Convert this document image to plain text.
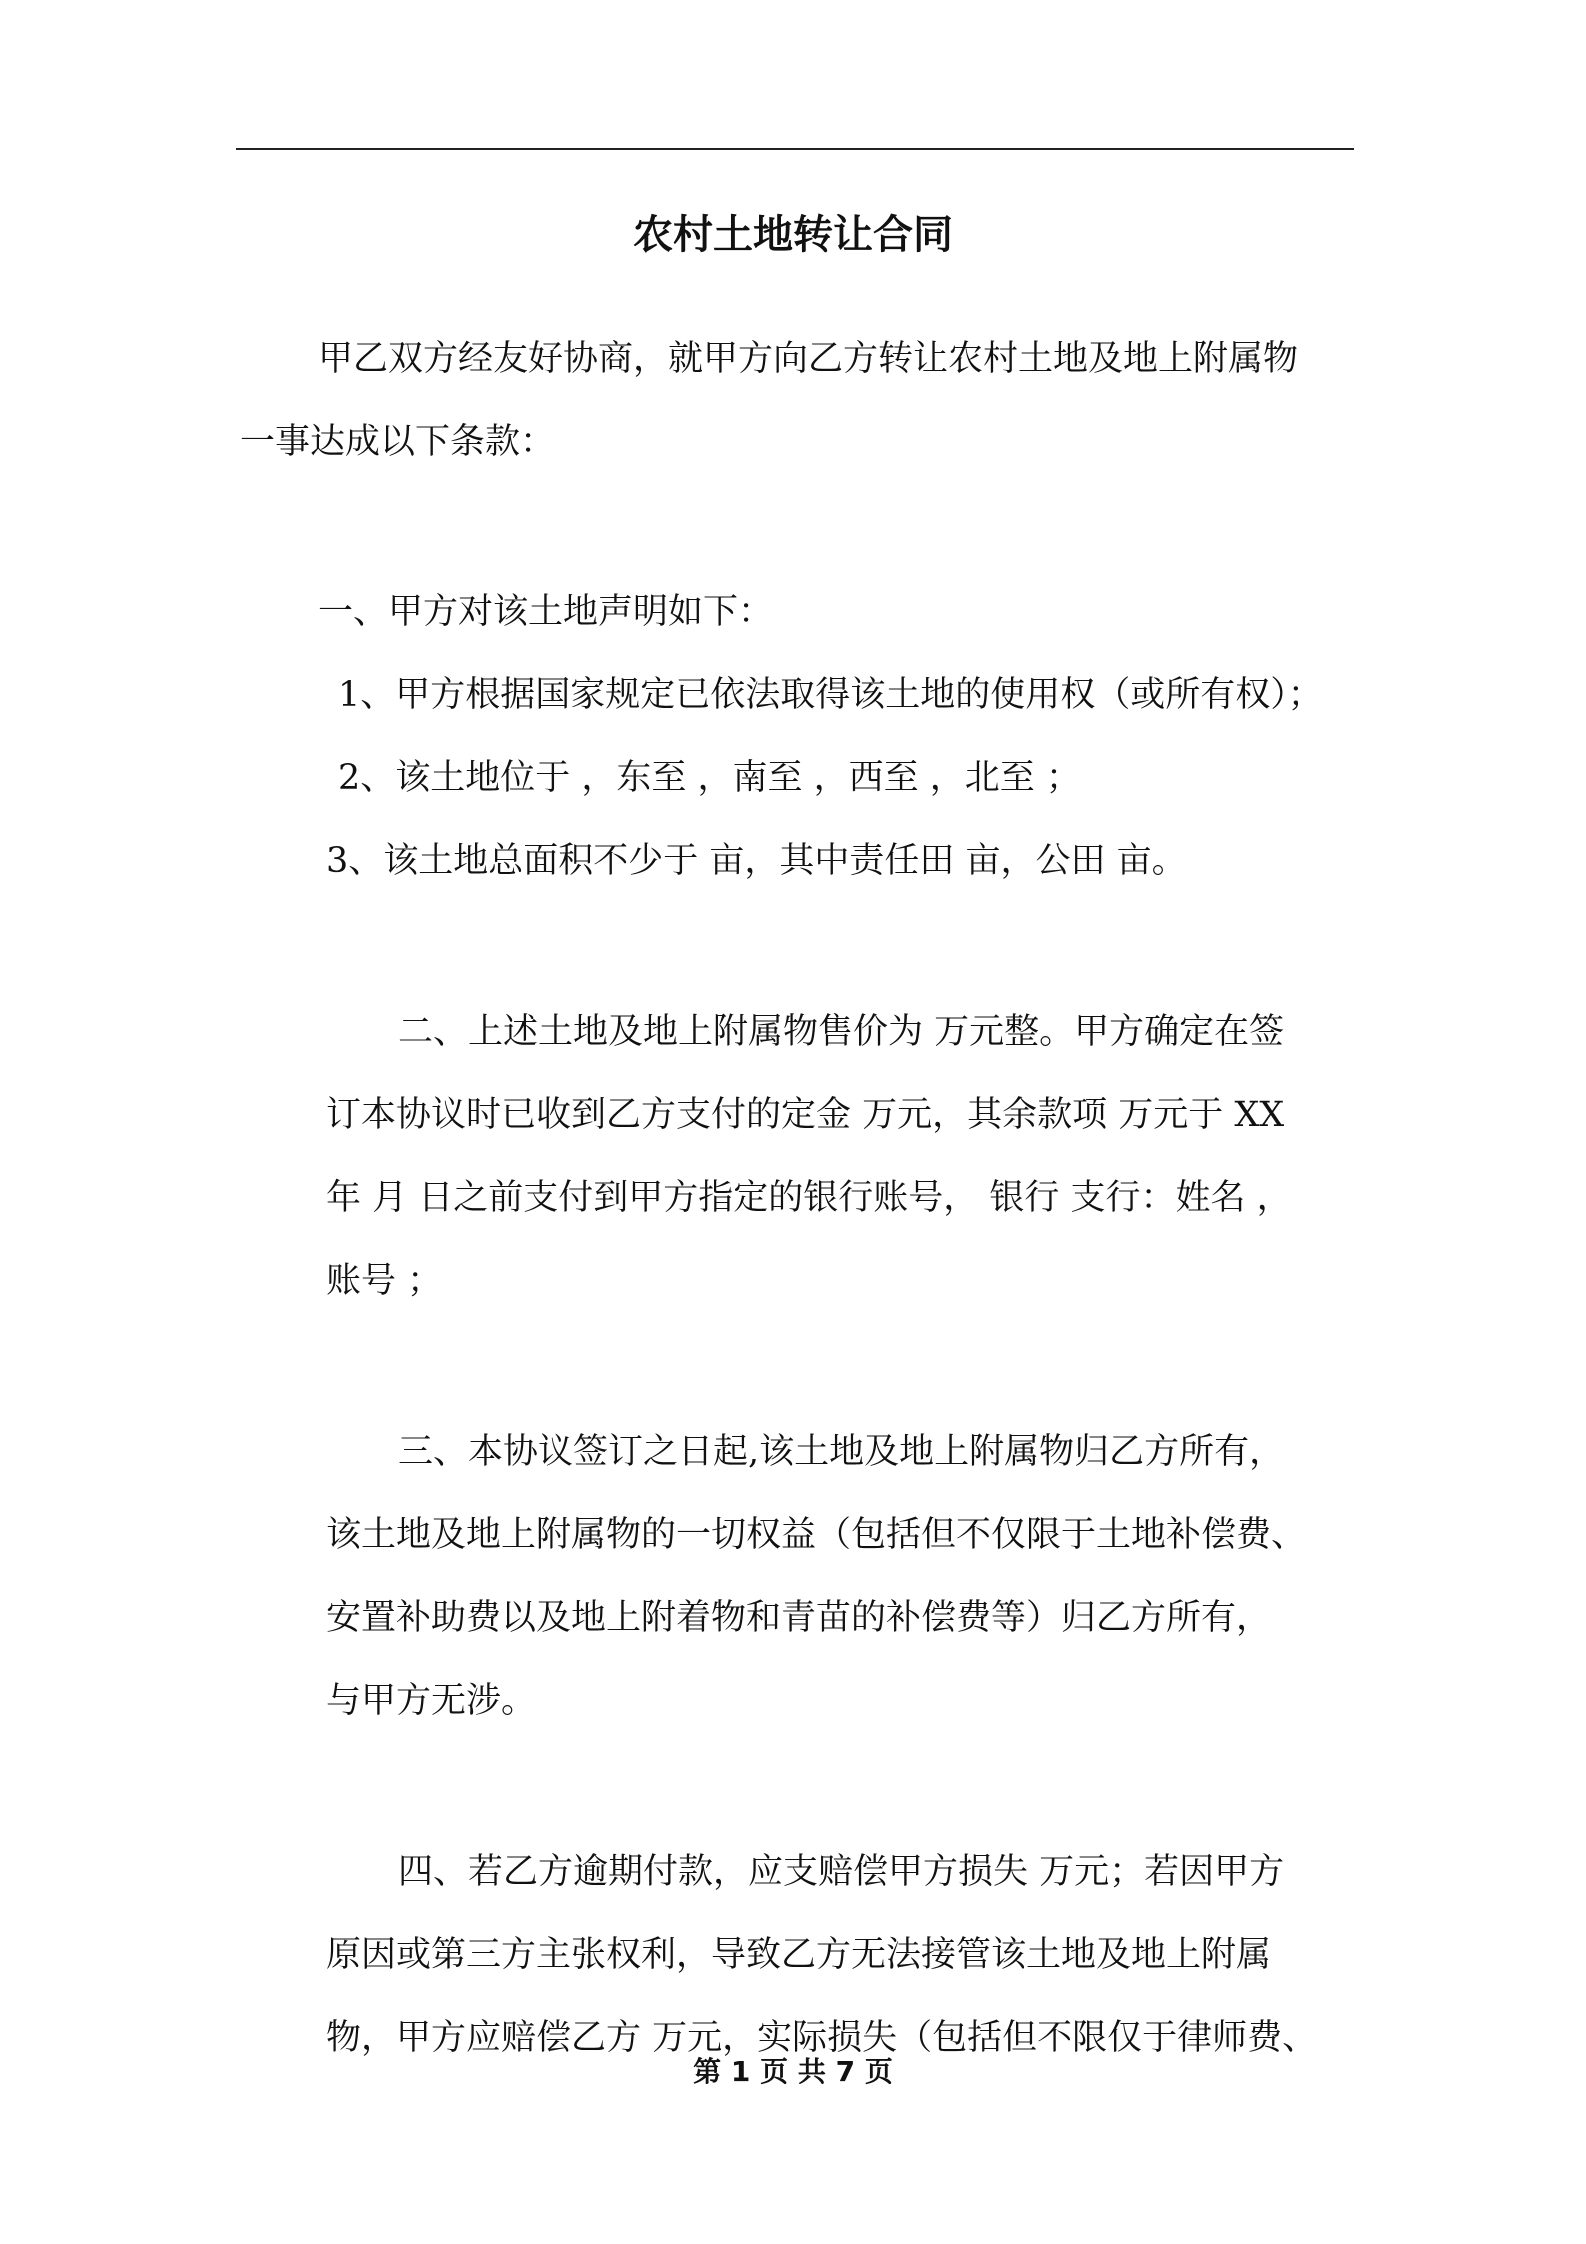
农村土地转让合同
甲乙双方经友好协商，就甲方向乙方转让农村土地及地上附属物
一事达成以下条款：
一、甲方对该土地声明如下：
1、甲方根据国家规定已依法取得该土地的使用权（或所有权）；
2、该土地位于 ，东至 ，南至 ，西至 ，北至 ；
3、该土地总面积不少于 亩，其中责任田 亩，公田 亩。
二、上述土地及地上附属物售价为 万元整。甲方确定在签
订本协议时已收到乙方支付的定金 万元，其余款项 万元于 XX
年 月 日之前支付到甲方指定的银行账号， 银行 支行：姓名 ，
账号 ；
三、本协议签订之日起,该土地及地上附属物归乙方所有，
该土地及地上附属物的一切权益（包括但不仅限于土地补偿费、
安置补助费以及地上附着物和青苗的补偿费等）归乙方所有，
与甲方无涉。
四、若乙方逾期付款，应支赔偿甲方损失 万元；若因甲方
原因或第三方主张权利，导致乙方无法接管该土地及地上附属
物，甲方应赔偿乙方 万元，实际损失（包括但不限仅于律师费、
第 1 页 共 7 页
